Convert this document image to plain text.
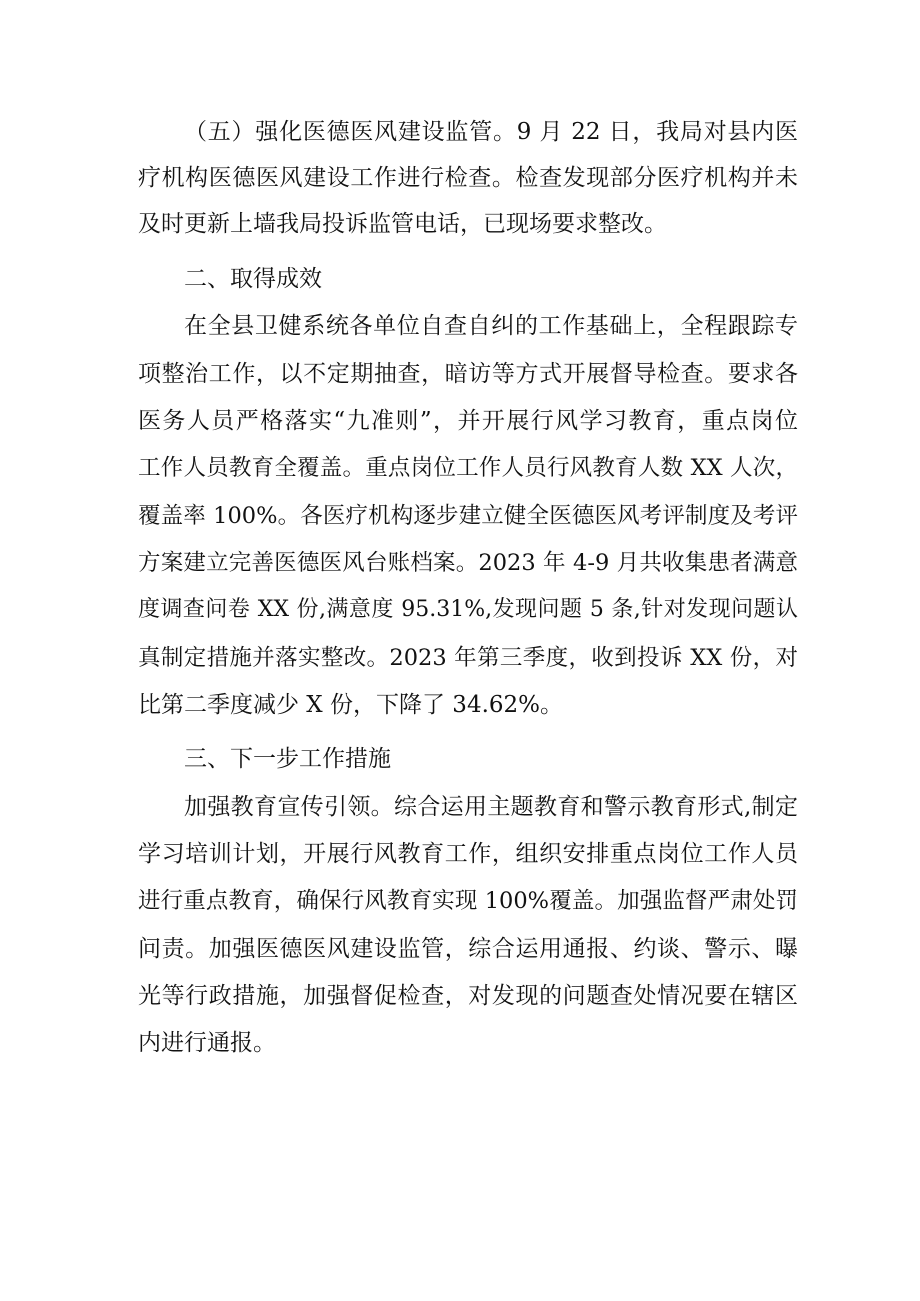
（五）强化医德医风建设监管。9 月 22 日，我局对县内医
疗机构医德医风建设工作进行检查。检查发现部分医疗机构并未
及时更新上墙我局投诉监管电话，已现场要求整改。
二、取得成效
在全县卫健系统各单位自查自纠的工作基础上，全程跟踪专
项整治工作，以不定期抽查，暗访等方式开展督导检查。要求各
医务人员严格落实“九准则”，并开展行风学习教育，重点岗位
工作人员教育全覆盖。重点岗位工作人员行风教育人数 XX 人次，
覆盖率 100%。各医疗机构逐步建立健全医德医风考评制度及考评
方案建立完善医德医风台账档案。2023 年 4-9 月共收集患者满意
度调查问卷 XX 份,满意度 95.31%,发现问题 5 条,针对发现问题认
真制定措施并落实整改。2023 年第三季度，收到投诉 XX 份，对
比第二季度减少 X 份，下降了 34.62%。
三、下一步工作措施
加强教育宣传引领。综合运用主题教育和警示教育形式,制定
学习培训计划，开展行风教育工作，组织安排重点岗位工作人员
进行重点教育，确保行风教育实现 100%覆盖。加强监督严肃处罚
问责。加强医德医风建设监管，综合运用通报、约谈、警示、曝
光等行政措施，加强督促检查，对发现的问题查处情况要在辖区
内进行通报。
